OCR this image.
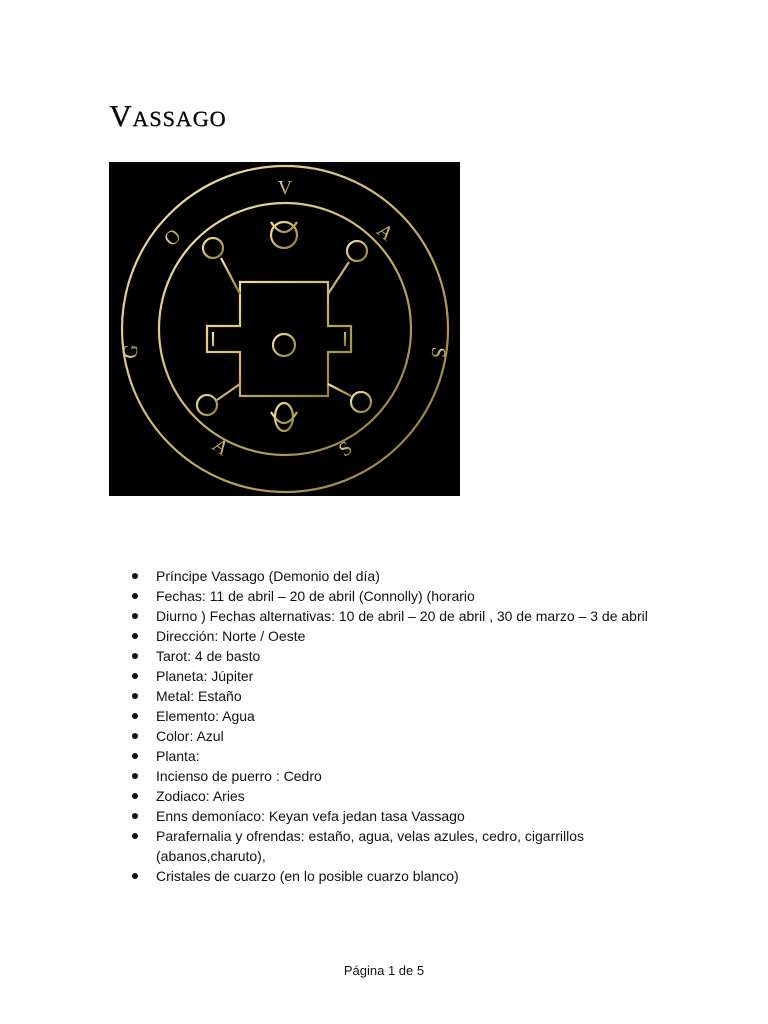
Vassago
V
A
S
S
A
G
O
Príncipe Vassago (Demonio del día)
Fechas: 11 de abril – 20 de abril (Connolly) (horario
Diurno ) Fechas alternativas: 10 de abril – 20 de abril , 30 de marzo – 3 de abril
Dirección: Norte / Oeste
Tarot: 4 de basto
Planeta: Júpiter
Metal: Estaño
Elemento: Agua
Color: Azul
Planta:
Incienso de puerro : Cedro
Zodiaco: Aries
Enns demoníaco: Keyan vefa jedan tasa Vassago
Parafernalia y ofrendas: estaño, agua, velas azules, cedro, cigarrillos (abanos,charuto),
Cristales de cuarzo (en lo posible cuarzo blanco)
Página 1 de 5
